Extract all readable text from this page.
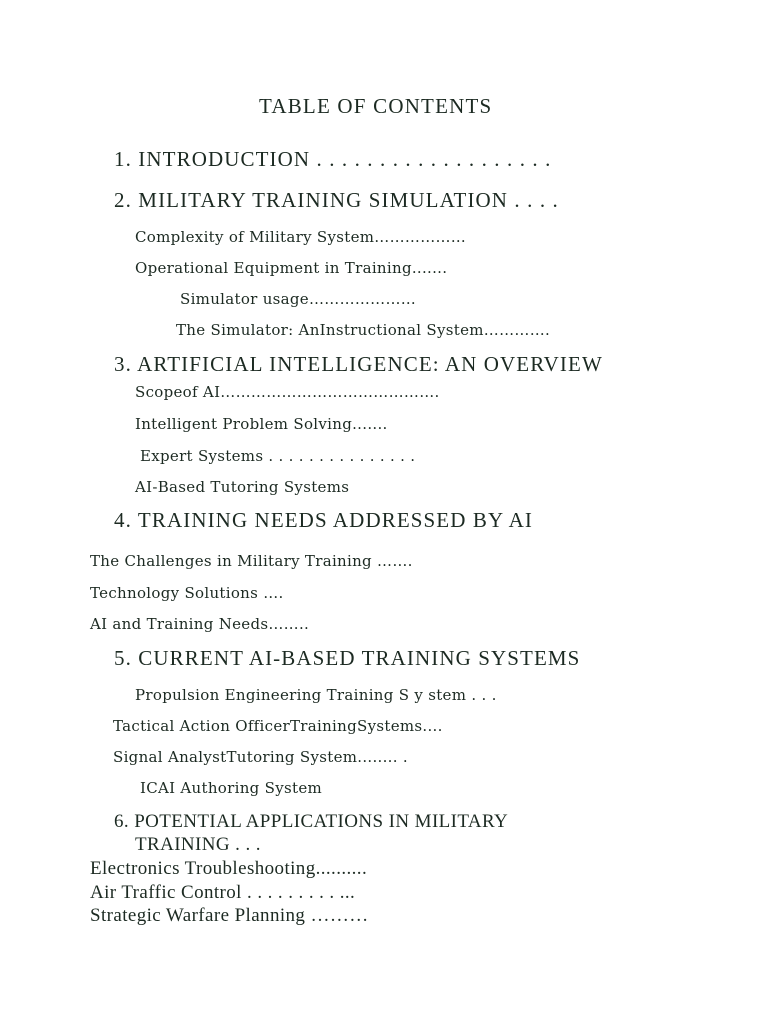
TABLE OF CONTENTS
1. INTRODUCTION . . . . . . . . . . . . . . . . . . .
2. MILITARY TRAINING SIMULATION . . . .
Complexity of Military System………………
Operational Equipment in Training.......
Simulator usage…………………
The Simulator: AnInstructional System………….
3. ARTIFICIAL INTELLIGENCE: AN OVERVIEW
Scopeof AI…………………………………….
Intelligent Problem Solving.......
Expert Systems . . . . . . . . . . . . . . .
AI-Based Tutoring Systems
4. TRAINING NEEDS ADDRESSED BY AI
The Challenges in Military Training …….
Technology Solutions ….
AI and Training Needs……..
5. CURRENT AI-BASED TRAINING SYSTEMS
Propulsion Engineering Training S y stem . . .
Tactical Action OfficerTrainingSystems....
Signal AnalystTutoring System........ .
ICAI Authoring System
6. POTENTIAL APPLICATIONS IN MILITARY
TRAINING . . .
Electronics Troubleshooting..........
Air Traffic Control . . . . . . . . . ...
Strategic Warfare Planning ………
